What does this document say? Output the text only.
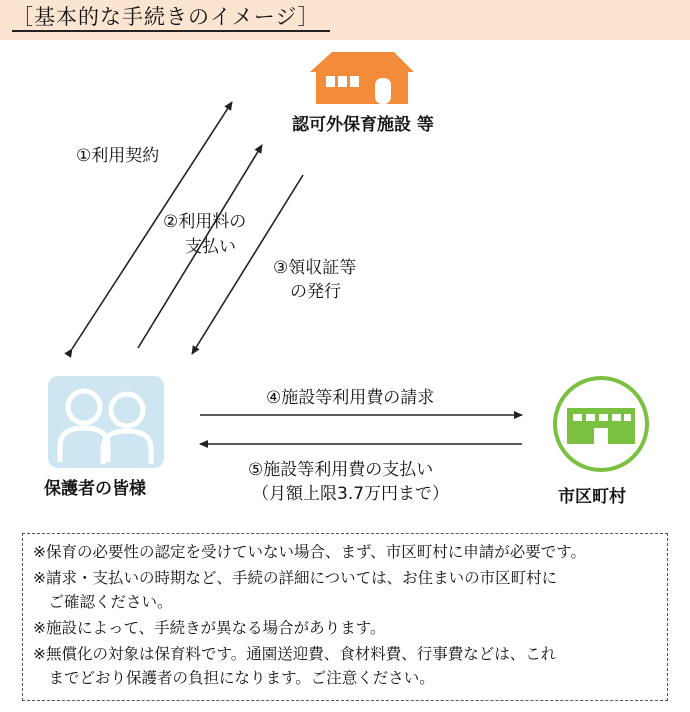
［基本的な手続きのイメージ］
認可外保育施設 等
保護者の皆様	市区町村
①利用契約
②利用料の
支払い
③領収証等
の発行
④施設等利用費の請求
⑤施設等利用費の支払い
（月額上限3.7万円まで）
※保育の必要性の認定を受けていない場合、まず、市区町村に申請が必要です。
※請求・支払いの時期など、手続の詳細については、お住まいの市区町村に
　ご確認ください。
※施設によって、手続きが異なる場合があります。
※無償化の対象は保育料です。通園送迎費、食材料費、行事費などは、これ
　までどおり保護者の負担になります。ご注意ください。
